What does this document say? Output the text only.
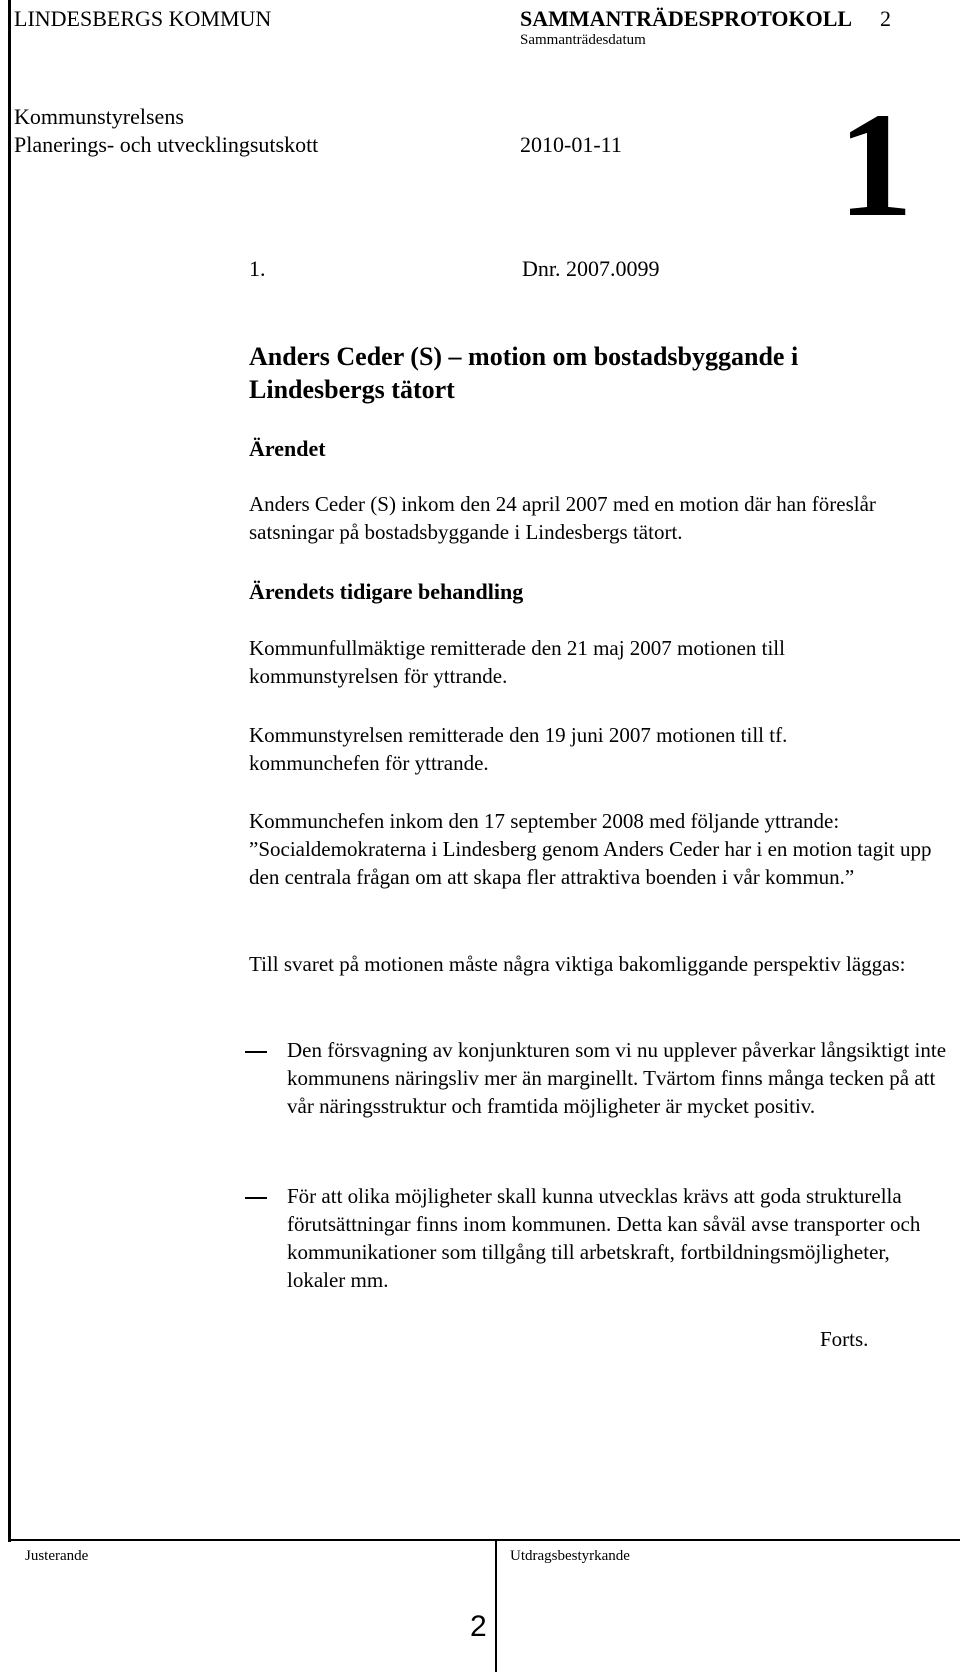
LINDESBERGS KOMMUN	SAMMANTRÄDESPROTOKOLL 2
Sammanträdesdatum
Kommunstyrelsens
Planerings- och utvecklingsutskott	2010-01-11 1
1.	Dnr. 2007.0099
Anders Ceder (S) – motion om bostadsbyggande i Lindesbergs tätort
Ärendet
Anders Ceder (S) inkom den 24 april 2007 med en motion där han föreslår satsningar på bostadsbyggande i Lindesbergs tätort.
Ärendets tidigare behandling
Kommunfullmäktige remitterade den 21 maj 2007 motionen till kommunstyrelsen för yttrande.
Kommunstyrelsen remitterade den 19 juni 2007 motionen till tf. kommunchefen för yttrande.
Kommunchefen inkom den 17 september 2008 med följande yttrande: ”Socialdemokraterna i Lindesberg genom Anders Ceder har i en motion tagit upp den centrala frågan om att skapa fler attraktiva boenden i vår kommun.”
Till svaret på motionen måste några viktiga bakomliggande perspektiv läggas:
Den försvagning av konjunkturen som vi nu upplever påverkar långsiktigt inte kommunens näringsliv mer än marginellt. Tvärtom finns många tecken på att vår näringsstruktur och framtida möjligheter är mycket positiv.
För att olika möjligheter skall kunna utvecklas krävs att goda strukturella förutsättningar finns inom kommunen. Detta kan såväl avse transporter och kommunikationer som tillgång till arbetskraft, fortbildningsmöjligheter, lokaler mm.
Forts.
Justerande	Utdragsbestyrkande
2
